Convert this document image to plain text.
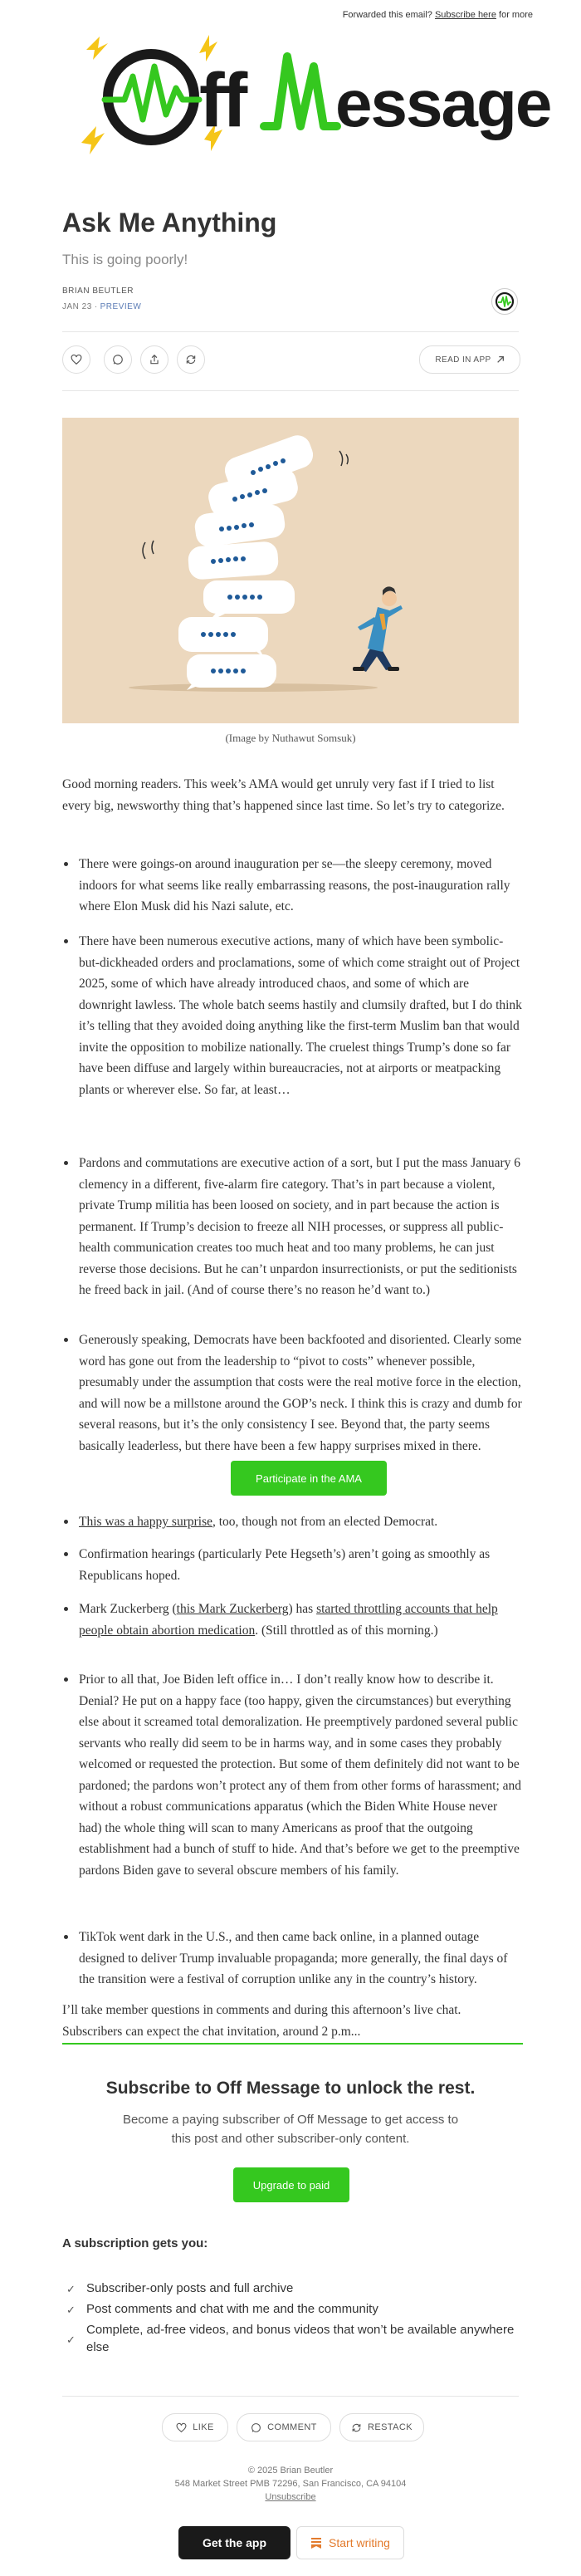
Forwarded this email? Subscribe here for more
ff essage
Ask Me Anything
This is going poorly!
BRIAN BEUTLER
JAN 23 ∙ PREVIEW
READ IN APP
(Image by Nuthawut Somsuk)
Good morning readers. This week’s AMA would get unruly very fast if I tried to list every big, newsworthy thing that’s happened since last time. So let’s try to categorize.
There were goings-on around inauguration per se—the sleepy ceremony, moved indoors for what seems like really embarrassing reasons, the post-inauguration rally where Elon Musk did his Nazi salute, etc.
There have been numerous executive actions, many of which have been symbolic-but-dickheaded orders and proclamations, some of which come straight out of Project 2025, some of which have already introduced chaos, and some of which are downright lawless. The whole batch seems hastily and clumsily drafted, but I do think it’s telling that they avoided doing anything like the first-term Muslim ban that would invite the opposition to mobilize nationally. The cruelest things Trump’s done so far have been diffuse and largely within bureaucracies, not at airports or meatpacking plants or wherever else. So far, at least…
Pardons and commutations are executive action of a sort, but I put the mass January 6 clemency in a different, five-alarm fire category. That’s in part because a violent, private Trump militia has been loosed on society, and in part because the action is permanent. If Trump’s decision to freeze all NIH processes, or suppress all public-health communication creates too much heat and too many problems, he can just reverse those decisions. But he can’t unpardon insurrectionists, or put the seditionists he freed back in jail. (And of course there’s no reason he’d want to.)
Generously speaking, Democrats have been backfooted and disoriented. Clearly some word has gone out from the leadership to “pivot to costs” whenever possible, presumably under the assumption that costs were the real motive force in the election, and will now be a millstone around the GOP’s neck. I think this is crazy and dumb for several reasons, but it’s the only consistency I see. Beyond that, the party seems basically leaderless, but there have been a few happy surprises mixed in there.
Participate in the AMA
This was a happy surprise, too, though not from an elected Democrat.
Confirmation hearings (particularly Pete Hegseth’s) aren’t going as smoothly as Republicans hoped.
Mark Zuckerberg (this Mark Zuckerberg) has started throttling accounts that help people obtain abortion medication. (Still throttled as of this morning.)
Prior to all that, Joe Biden left office in… I don’t really know how to describe it. Denial? He put on a happy face (too happy, given the circumstances) but everything else about it screamed total demoralization. He preemptively pardoned several public servants who really did seem to be in harms way, and in some cases they probably welcomed or requested the protection. But some of them definitely did not want to be pardoned; the pardons won’t protect any of them from other forms of harassment; and without a robust communications apparatus (which the Biden White House never had) the whole thing will scan to many Americans as proof that the outgoing establishment had a bunch of stuff to hide. And that’s before we get to the preemptive pardons Biden gave to several obscure members of his family.
TikTok went dark in the U.S., and then came back online, in a planned outage designed to deliver Trump invaluable propaganda; more generally, the final days of the transition were a festival of corruption unlike any in the country’s history.
I’ll take member questions in comments and during this afternoon’s live chat. Subscribers can expect the chat invitation, around 2 p.m...
Subscribe to Off Message to unlock the rest.
Become a paying subscriber of Off Message to get access to this post and other subscriber-only content.
Upgrade to paid
A subscription gets you:
✓ Subscriber-only posts and full archive
✓ Post comments and chat with me and the community
✓
Complete, ad-free videos, and bonus videos that won’t be available anywhere else
LIKE	COMMENT	RESTACK
© 2025 Brian Beutler
548 Market Street PMB 72296, San Francisco, CA 94104
Unsubscribe
Get the app	Start writing
